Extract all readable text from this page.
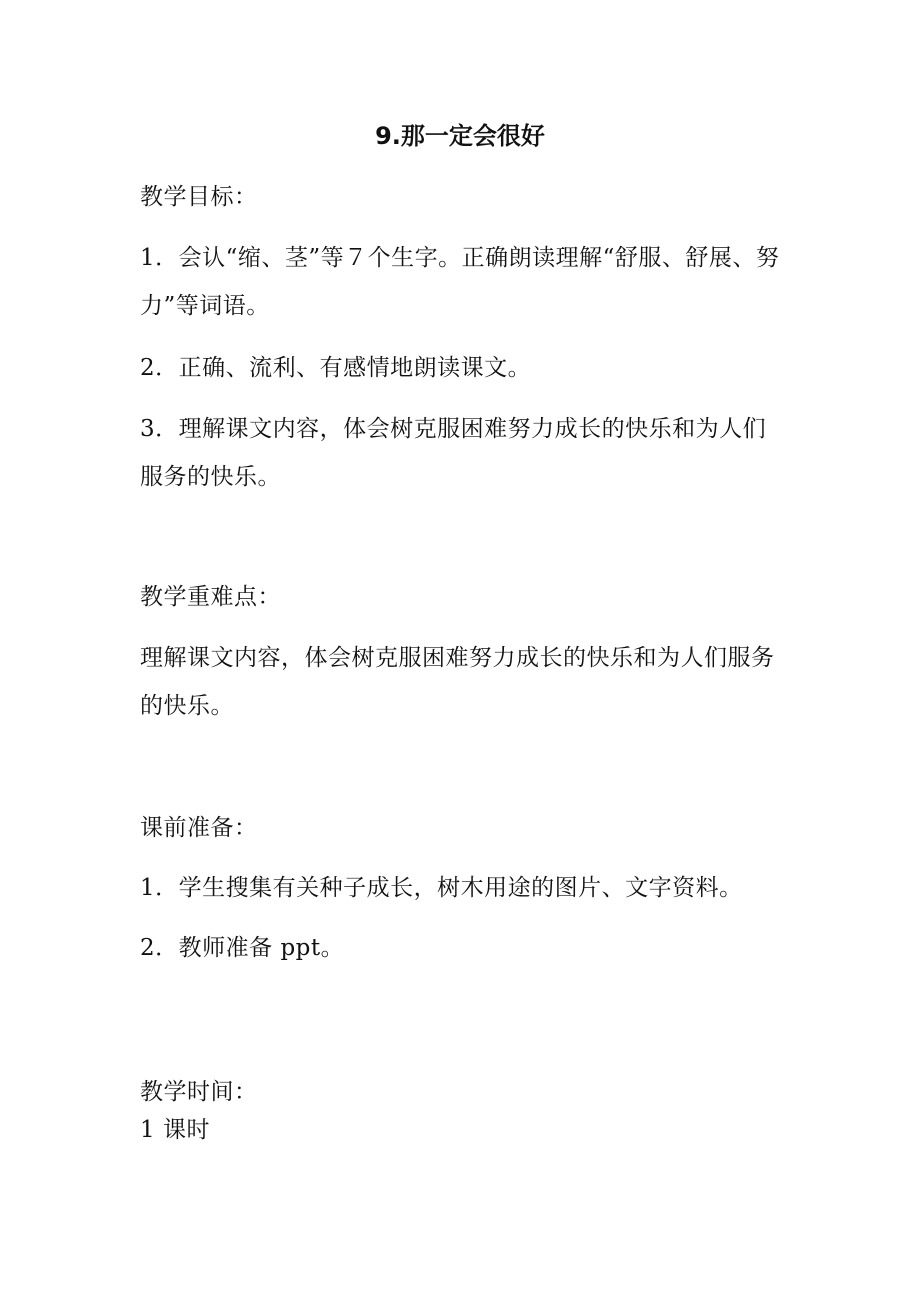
9.那一定会很好
教学目标：
1．会认“缩、茎”等７个生字。正确朗读理解“舒服、舒展、努力”等词语。
2．正确、流利、有感情地朗读课文。
3．理解课文内容，体会树克服困难努力成长的快乐和为人们服务的快乐。
教学重难点：
理解课文内容，体会树克服困难努力成长的快乐和为人们服务的快乐。
课前准备：
1．学生搜集有关种子成长，树木用途的图片、文字资料。
2．教师准备 ppt。
教学时间：
1 课时
